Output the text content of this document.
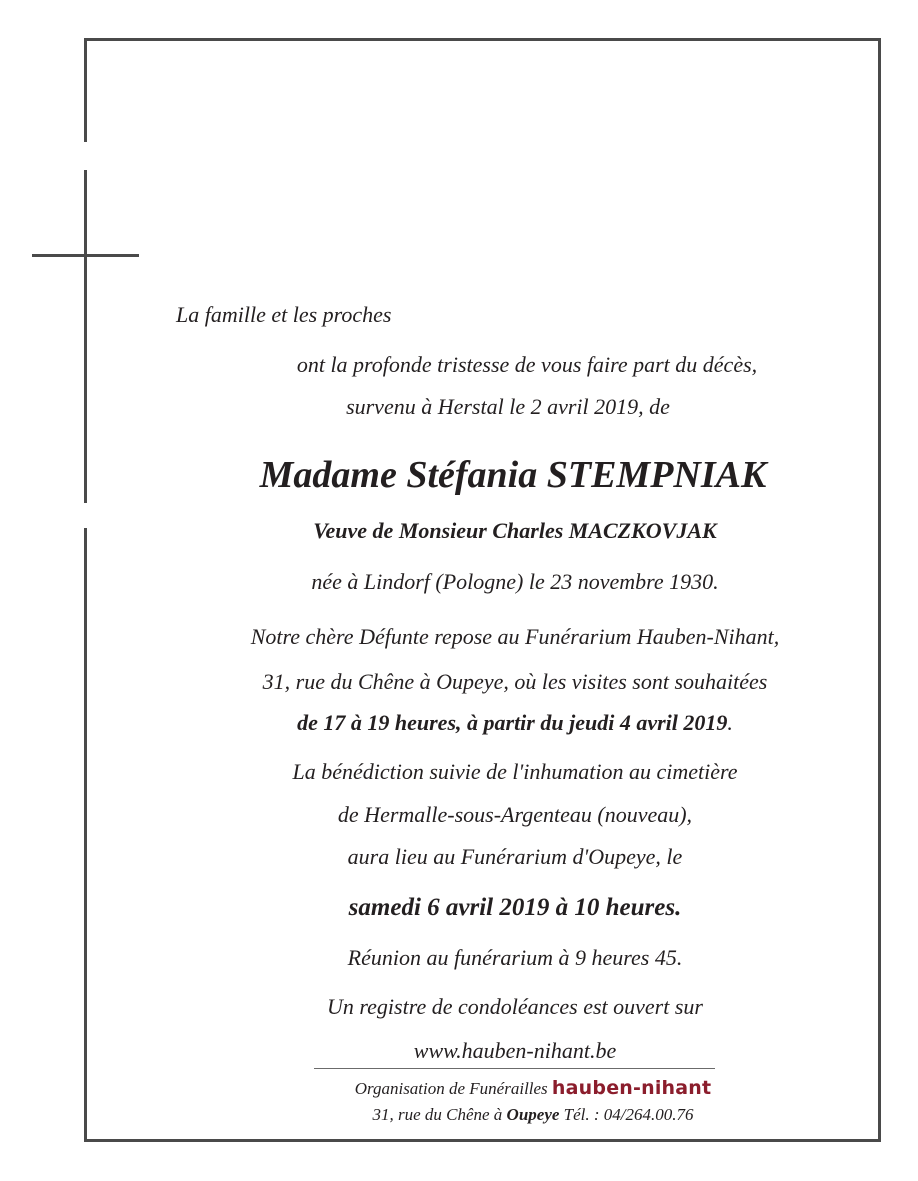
La famille et les proches
ont la profonde tristesse de vous faire part du décès,
survenu à Herstal le 2 avril 2019, de
Madame Stéfania STEMPNIAK
Veuve de Monsieur Charles MACZKOVJAK
née à Lindorf (Pologne) le 23 novembre 1930.
Notre chère Défunte repose au Funérarium Hauben-Nihant,
31, rue du Chêne à Oupeye, où les visites sont souhaitées
de 17 à 19 heures, à partir du jeudi 4 avril 2019.
La bénédiction suivie de l'inhumation au cimetière
de Hermalle-sous-Argenteau (nouveau),
aura lieu au Funérarium d'Oupeye, le
samedi 6 avril 2019 à 10 heures.
Réunion au funérarium à 9 heures 45.
Un registre de condoléances est ouvert sur
www.hauben-nihant.be
Organisation de Funérailles hauben-nihant
31, rue du Chêne à Oupeye Tél. : 04/264.00.76
